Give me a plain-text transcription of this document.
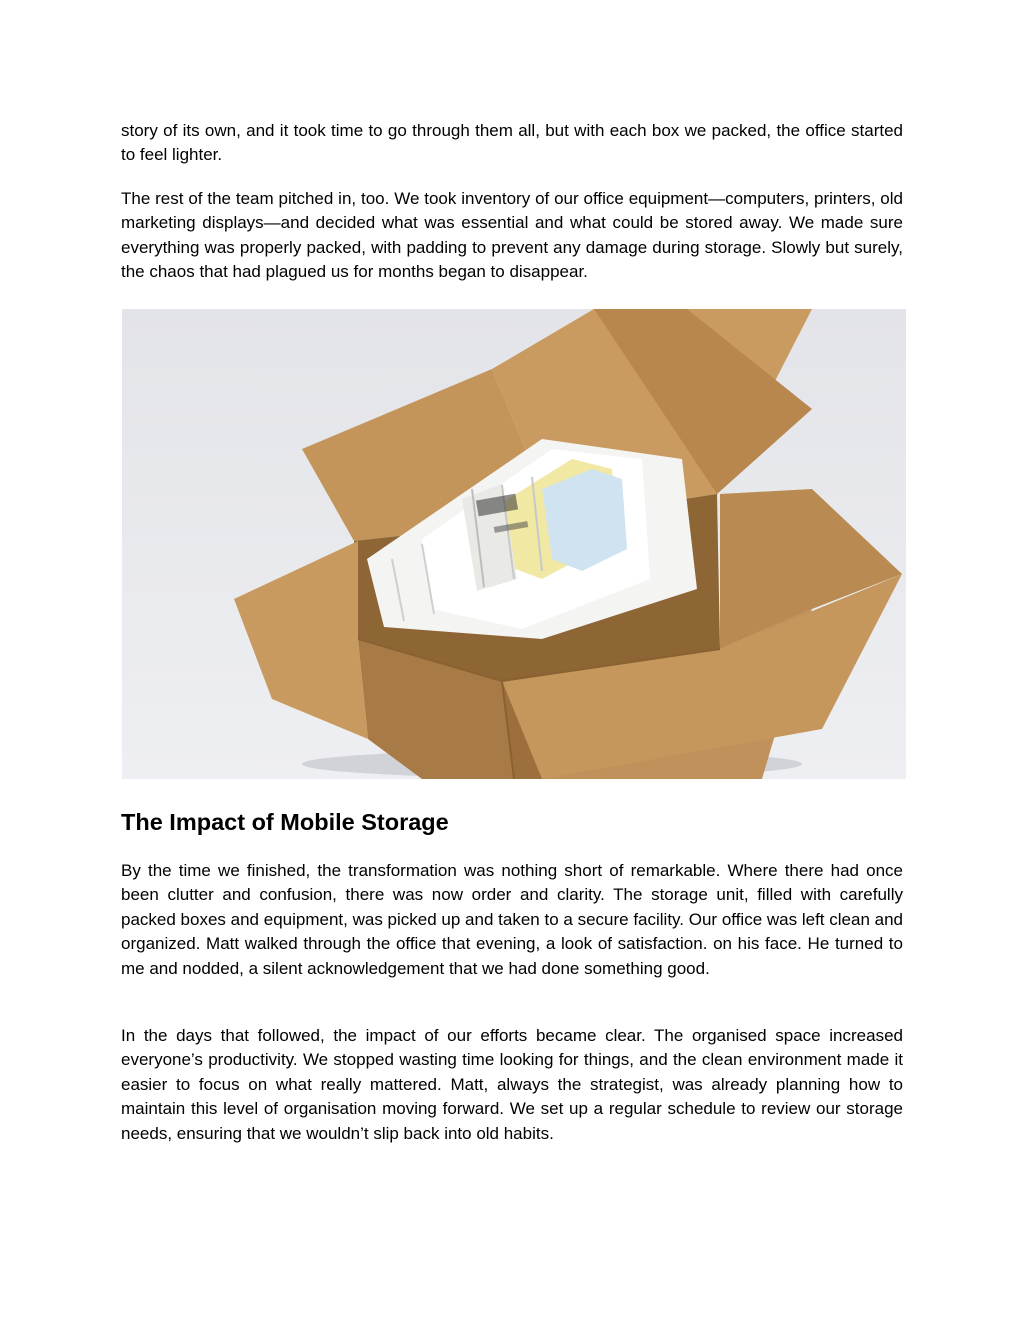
story of its own, and it took time to go through them all, but with each box we packed, the office started to feel lighter.

The rest of the team pitched in, too. We took inventory of our office equipment—computers, printers, old marketing displays—and decided what was essential and what could be stored away. We made sure everything was properly packed, with padding to prevent any damage during storage. Slowly but surely, the chaos that had plagued us for months began to disappear.

The Impact of Mobile Storage

By the time we finished, the transformation was nothing short of remarkable. Where there had once been clutter and confusion, there was now order and clarity. The storage unit, filled with carefully packed boxes and equipment, was picked up and taken to a secure facility. Our office was left clean and organized. Matt walked through the office that evening, a look of satisfaction. on his face. He turned to me and nodded, a silent acknowledgement that we had done something good.

In the days that followed, the impact of our efforts became clear. The organised space increased everyone’s productivity. We stopped wasting time looking for things, and the clean environment made it easier to focus on what really mattered. Matt, always the strategist, was already planning how to maintain this level of organisation moving forward. We set up a regular schedule to review our storage needs, ensuring that we wouldn’t slip back into old habits.
